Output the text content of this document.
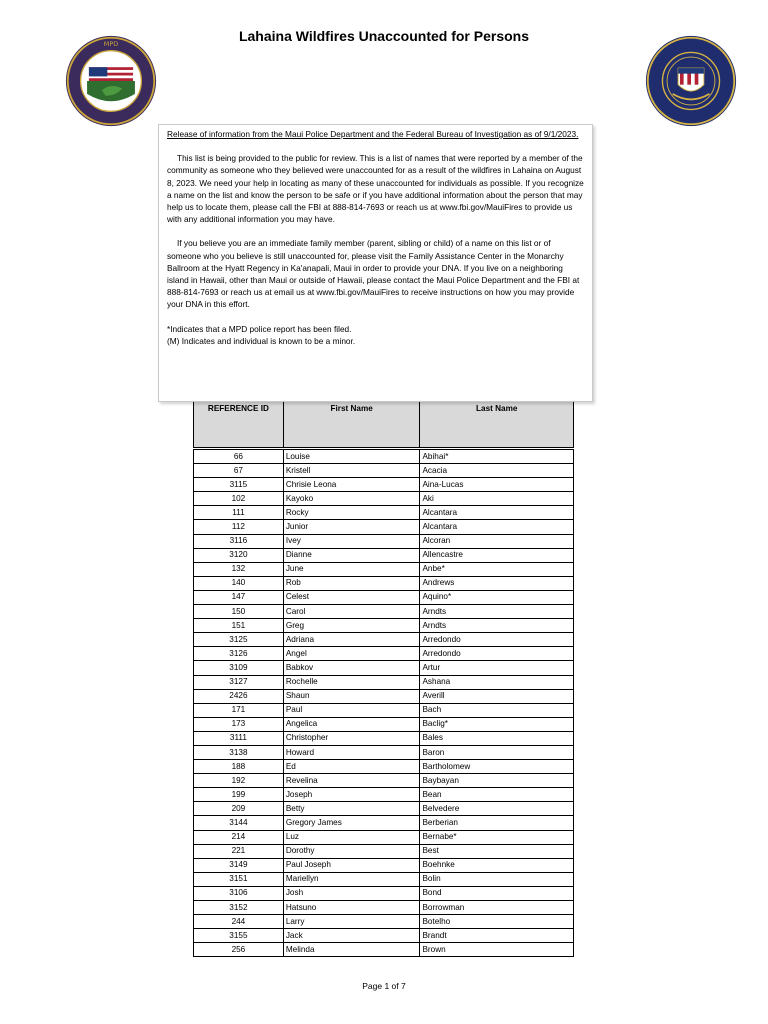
Lahaina Wildfires Unaccounted for Persons
MPD

Release of information from the Maui Police Department and the Federal Bureau of Investigation as of 9/1/2023.

This list is being provided to the public for review. This is a list of names that were reported by a member of the community as someone who they believed were unaccounted for as a result of the wildfires in Lahaina on August 8, 2023. We need your help in locating as many of these unaccounted for individuals as possible. If you recognize a name on the list and know the person to be safe or if you have additional information about the person that may help us to locate them, please call the FBI at 888-814-7693 or reach us at www.fbi.gov/MauiFires to provide us with any additional information you may have.

If you believe you are an immediate family member (parent, sibling or child) of a name on this list or of someone who you believe is still unaccounted for, please visit the Family Assistance Center in the Monarchy Ballroom at the Hyatt Regency in Ka'anapali, Maui in order to provide your DNA. If you live on a neighboring island in Hawaii, other than Maui or outside of Hawaii, please contact the Maui Police Department and the FBI at 888-814-7693 or reach us at email us at www.fbi.gov/MauiFires to receive instructions on how you may provide your DNA in this effort.

*Indicates that a MPD police report has been filed.

(M) Indicates and individual is known to be a minor.

REFERENCE ID	First Name	Last Name

66	Louise	Abihai*
67	Kristell	Acacia
3115	Chrisie Leona	Aina-Lucas
102	Kayoko	Aki
111	Rocky	Alcantara
112	Junior	Alcantara
3116	Ivey	Alcoran
3120	Dianne	Allencastre
132	June	Anbe*
140	Rob	Andrews
147	Celest	Aquino*
150	Carol	Arndts
151	Greg	Arndts
3125	Adriana	Arredondo
3126	Angel	Arredondo
3109	Babkov	Artur
3127	Rochelle	Ashana
2426	Shaun	Averill
171	Paul	Bach
173	Angelica	Baclig*
3111	Christopher	Bales
3138	Howard	Baron
188	Ed	Bartholomew
192	Revelina	Baybayan
199	Joseph	Bean
209	Betty	Belvedere
3144	Gregory James	Berberian
214	Luz	Bernabe*
221	Dorothy	Best
3149	Paul Joseph	Boehnke
3151	Mariellyn	Bolin
3106	Josh	Bond
3152	Hatsuno	Borrowman
244	Larry	Botelho
3155	Jack	Brandt
256	Melinda	Brown
Page 1 of 7
